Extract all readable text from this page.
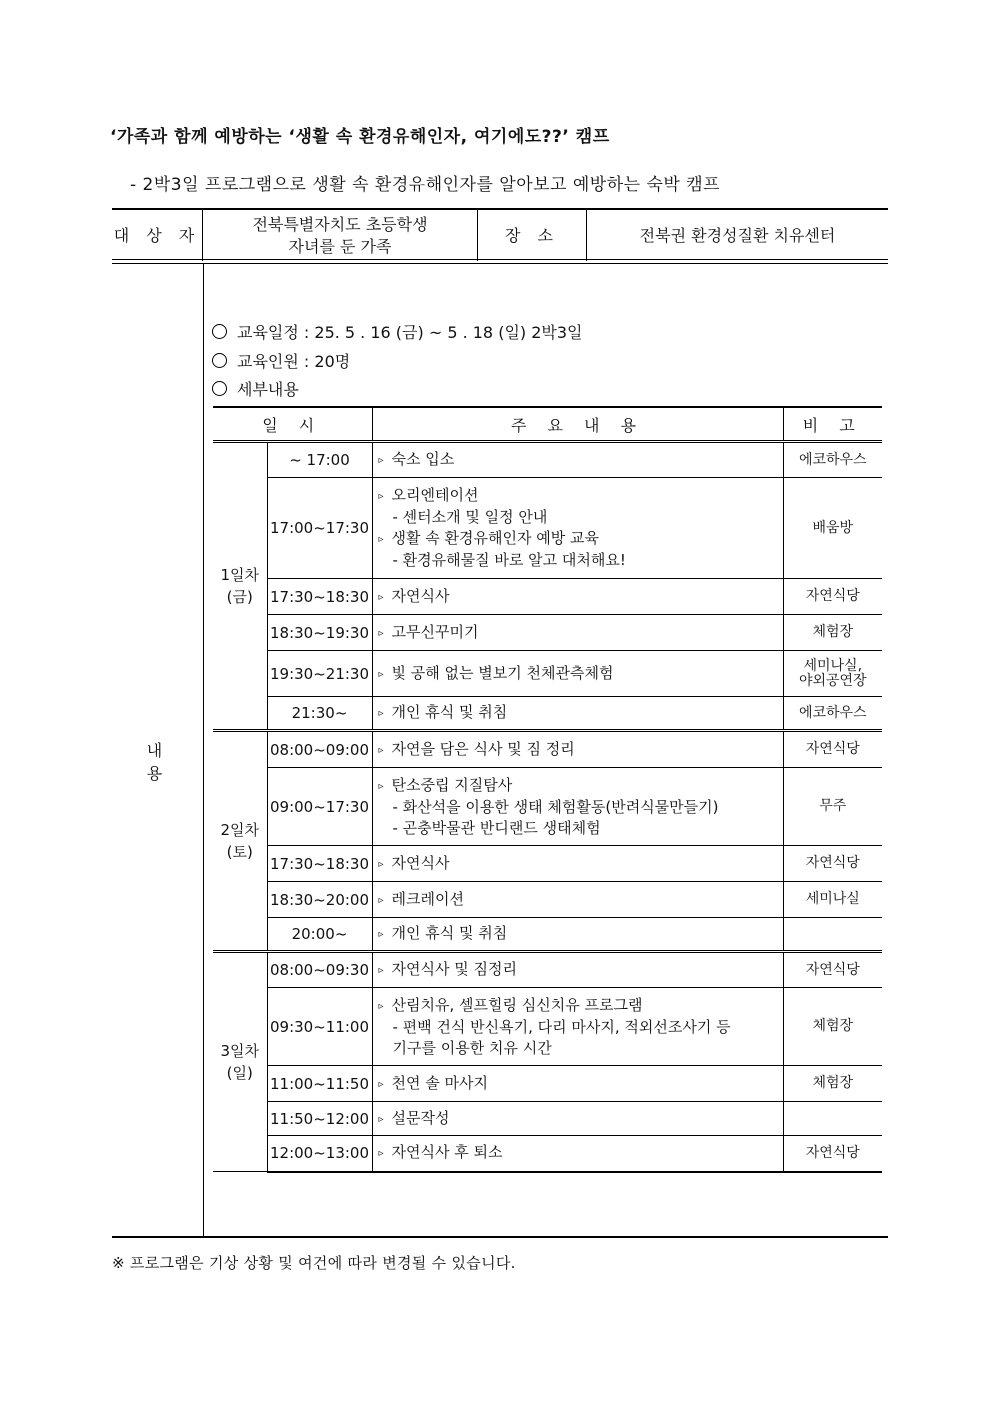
‘가족과 함께 예방하는 ‘생활 속 환경유해인자, 여기에도??’ 캠프
- 2박3일 프로그램으로 생활 속 환경유해인자를 알아보고 예방하는 숙박 캠프
대 상 자
전북특별자치도 초등학생
자녀를 둔 가족
장 소	전북권 환경성질환 치유센터
내 용
교육일정 : 25. 5 . 16 (금) ~ 5 . 18 (일) 2박3일
교육인원 : 20명
세부내용
일 시		주 요 내 용	비 고

1일차
(금)	~ 17:00	▹ 숙소 입소	에코하우스
	17:00~17:30	▹ 오리엔테이션
- 센터소개 및 일정 안내
▹ 생활 속 환경유해인자 예방 교육
- 환경유해물질 바로 알고 대처해요!	배움방
	17:30~18:30	▹ 자연식사	자연식당
	18:30~19:30	▹ 고무신꾸미기	체험장
	19:30~21:30	▹ 빛 공해 없는 별보기 천체관측체험	세미나실,
야외공연장
	21:30~	▹ 개인 휴식 및 취침	에코하우스

2일차
(토)	08:00~09:00	▹ 자연을 담은 식사 및 짐 정리	자연식당
	09:00~17:30	▹ 탄소중립 지질탐사
- 화산석을 이용한 생태 체험활동(반려식물만들기)
- 곤충박물관 반디랜드 생태체험	무주
	17:30~18:30	▹ 자연식사	자연식당
	18:30~20:00	▹ 레크레이션	세미나실
	20:00~	▹ 개인 휴식 및 취침	

3일차
(일)	08:00~09:30	▹ 자연식사 및 짐정리	자연식당
	09:30~11:00	▹ 산림치유, 셀프힐링 심신치유 프로그램
- 편백 건식 반신욕기, 다리 마사지, 적외선조사기 등
기구를 이용한 치유 시간	체험장
	11:00~11:50	▹ 천연 솔 마사지	체험장
	11:50~12:00	▹ 설문작성	

	12:00~13:00	▹ 자연식사 후 퇴소	자연식당
※ 프로그램은 기상 상황 및 여건에 따라 변경될 수 있습니다.
